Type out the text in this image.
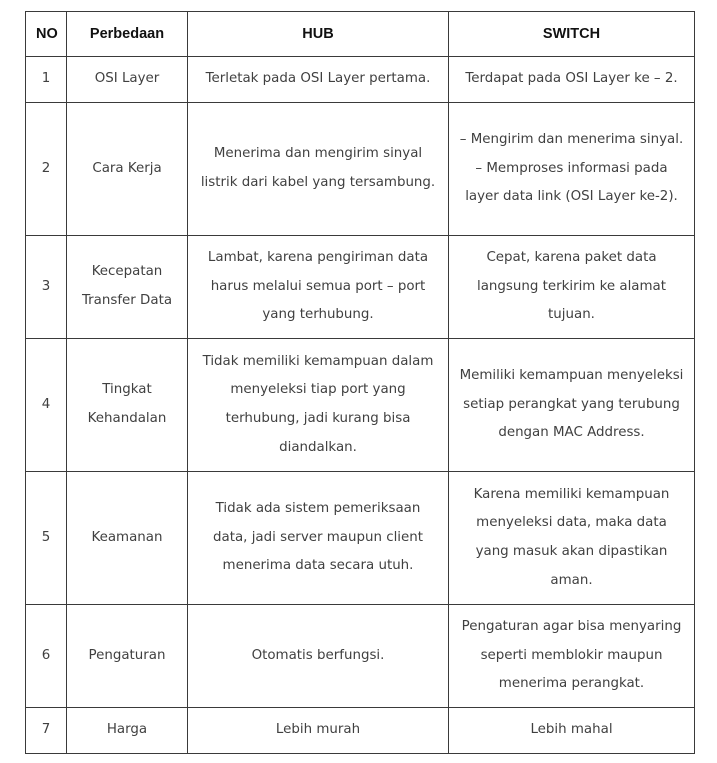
NO	Perbedaan	HUB	SWITCH
1	OSI Layer	Terletak pada OSI Layer pertama.	Terdapat pada OSI Layer ke – 2.
2	Cara Kerja	Menerima dan mengirim sinyal listrik dari kabel yang tersambung.	– Mengirim dan menerima sinyal.
– Memproses informasi pada layer data link (OSI Layer ke-2).
3	Kecepatan Transfer Data	Lambat, karena pengiriman data harus melalui semua port – port yang terhubung.	Cepat, karena paket data langsung terkirim ke alamat tujuan.
4	Tingkat Kehandalan	Tidak memiliki kemampuan dalam menyeleksi tiap port yang terhubung, jadi kurang bisa diandalkan.	Memiliki kemampuan menyeleksi setiap perangkat yang terubung dengan MAC Address.
5	Keamanan	Tidak ada sistem pemeriksaan data, jadi server maupun client menerima data secara utuh.	Karena memiliki kemampuan menyeleksi data, maka data yang masuk akan dipastikan aman.
6	Pengaturan	Otomatis berfungsi.	Pengaturan agar bisa menyaring seperti memblokir maupun menerima perangkat.
7	Harga	Lebih murah	Lebih mahal
